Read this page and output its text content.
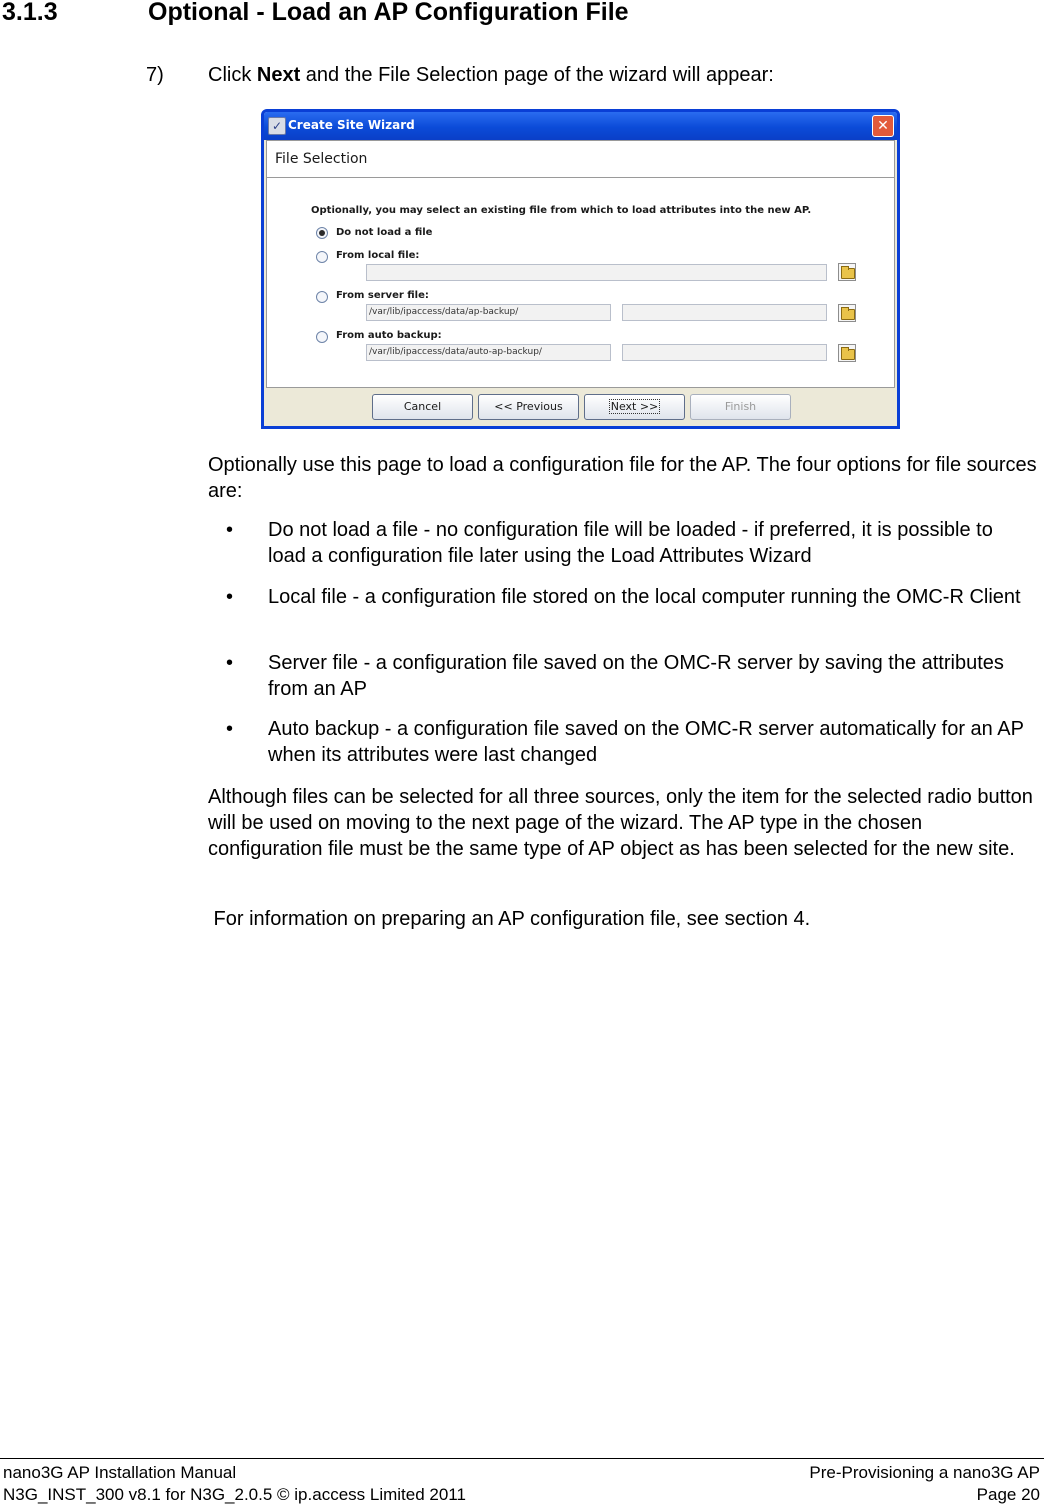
3.1.3	Optional - Load an AP Configuration File
7) Click Next and the File Selection page of the wizard will appear:
✓ Create Site Wizard	✕
File Selection
Optionally, you may select an existing file from which to load attributes into the new AP.
Do not load a file
From local file:
From server file:
/var/lib/ipaccess/data/ap-backup/
From auto backup:
/var/lib/ipaccess/data/auto-ap-backup/
Cancel	<< Previous	Next >>	Finish

Optionally use this page to load a configuration file for the AP. The four options for file sources are:

•	Do not load a file - no configuration file will be loaded - if preferred, it is possible to load a configuration file later using the Load Attributes Wizard
•	Local file - a configuration file stored on the local computer running the OMC-R Client
•	Server file - a configuration file saved on the OMC-R server by saving the attributes from an AP
•	Auto backup - a configuration file saved on the OMC-R server automatically for an AP when its attributes were last changed

Although files can be selected for all three sources, only the item for the selected radio button will be used on moving to the next page of the wizard. The AP type in the chosen configuration file must be the same type of AP object as has been selected for the new site.

For information on preparing an AP configuration file, see section 4.

nano3G AP Installation Manual
N3G_INST_300 v8.1 for N3G_2.0.5 © ip.access Limited 2011
Pre-Provisioning a nano3G AP
Page 20
